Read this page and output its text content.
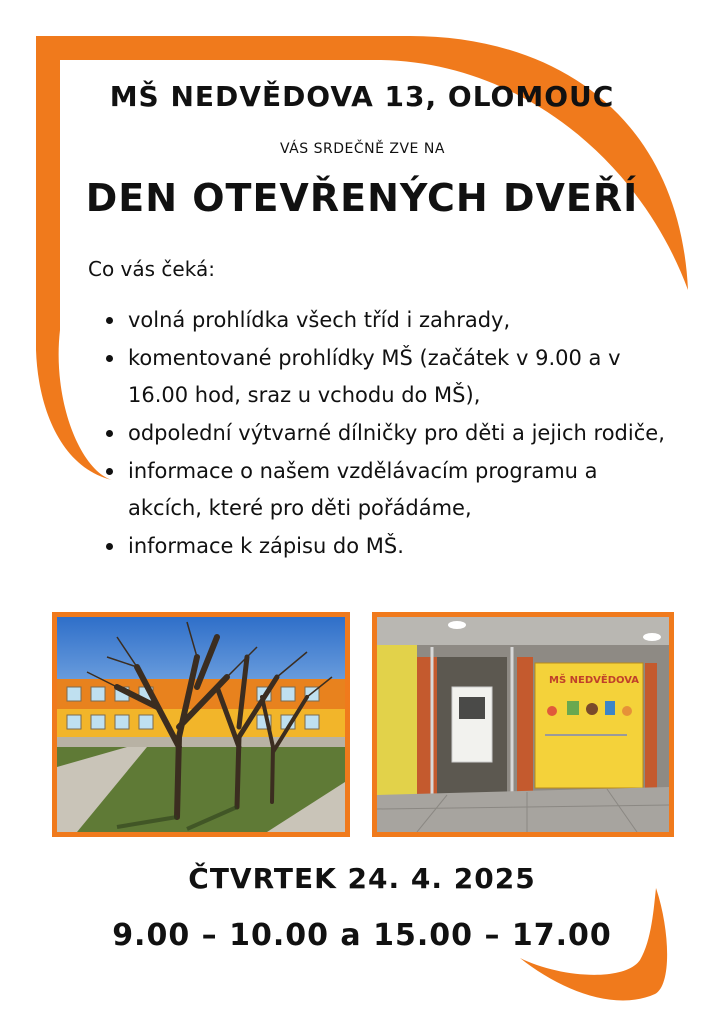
MŠ NEDVĚDOVA 13, OLOMOUC

VÁS SRDEČNĚ ZVE NA

DEN OTEVŘENÝCH DVEŘÍ

Co vás čeká:

volná prohlídka všech tříd i zahrady,
komentované prohlídky MŠ (začátek v 9.00 a v 16.00 hod, sraz u vchodu do MŠ),
odpolední výtvarné dílničky pro děti a jejich rodiče,
informace o našem vzdělávacím programu a akcích, které pro děti pořádáme,
informace k zápisu do MŠ.
MŠ NEDVĚDOVA

ČTVRTEK 24. 4. 2025

9.00 – 10.00 a 15.00 – 17.00
